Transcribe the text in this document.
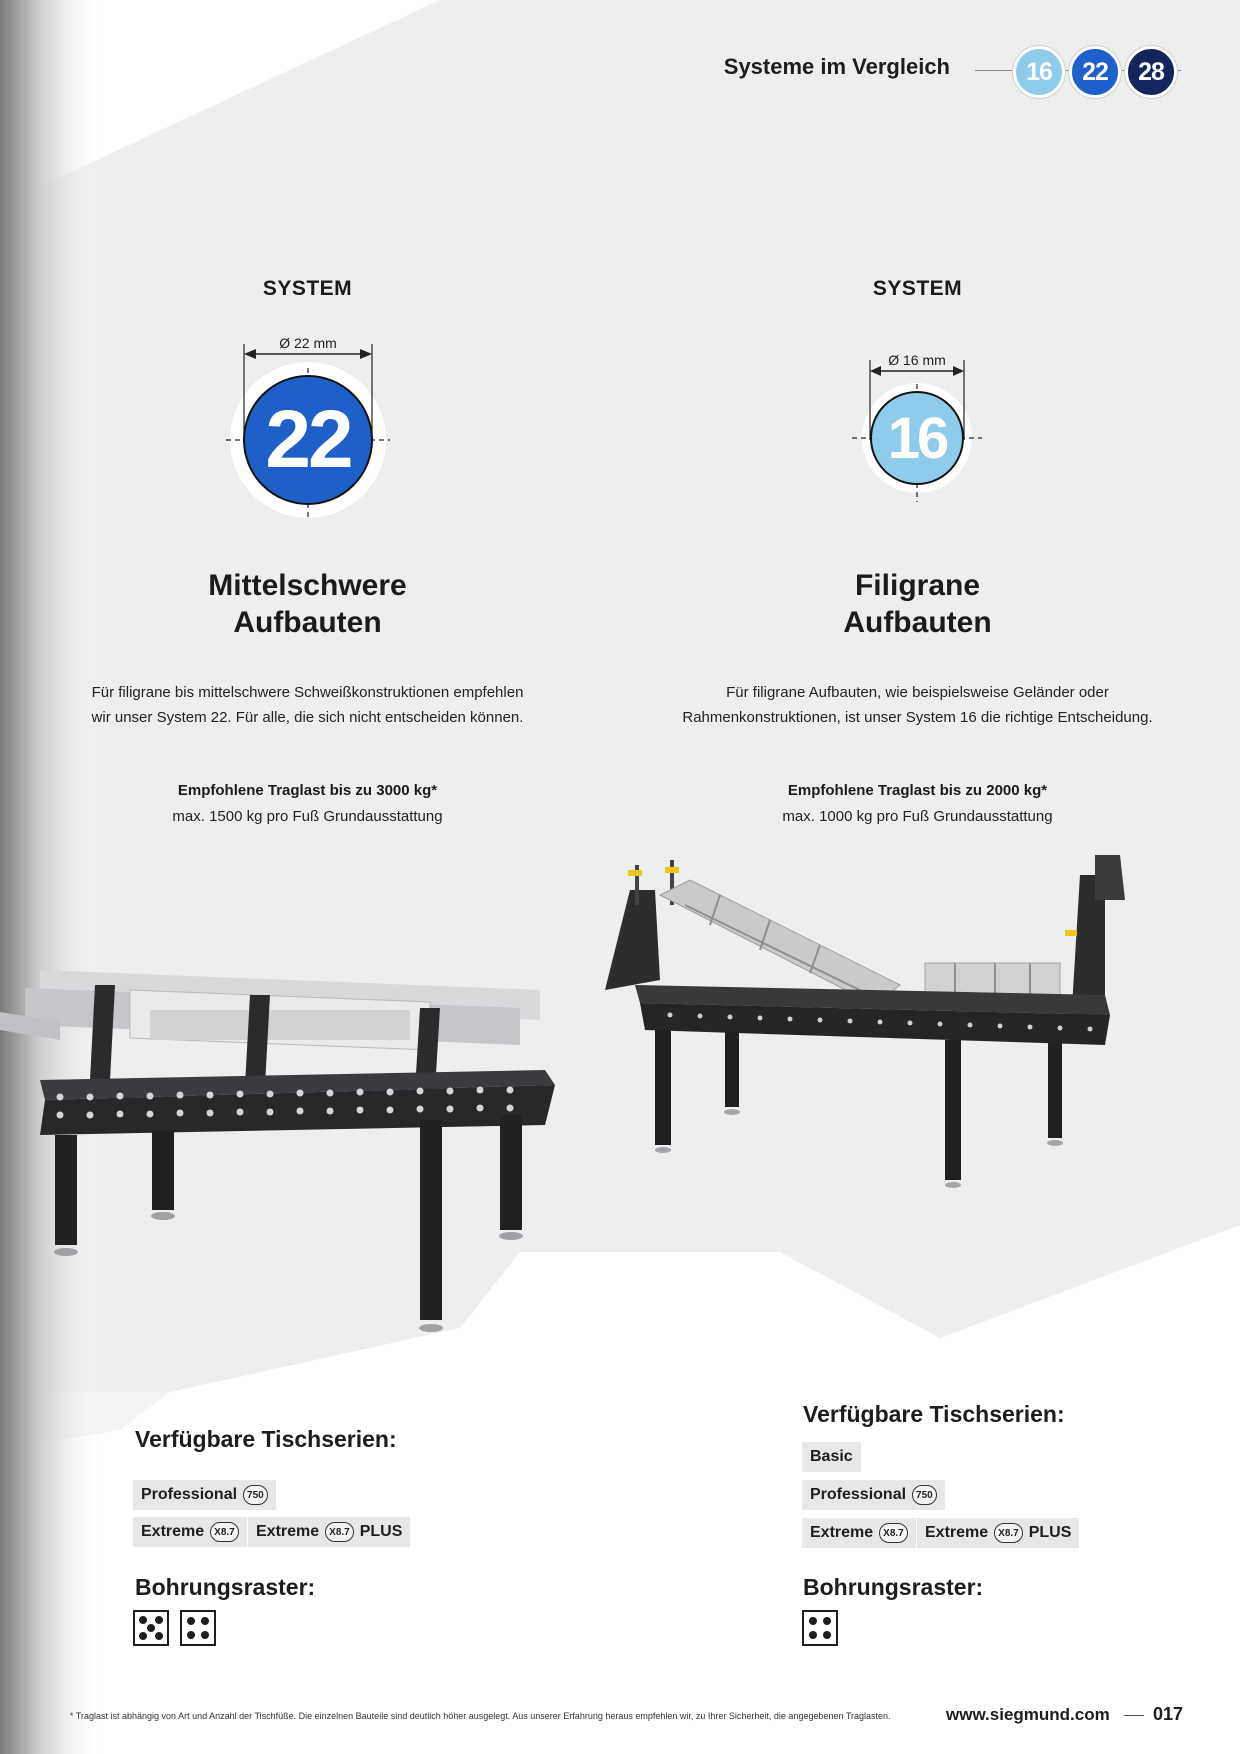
Systeme im Vergleich	16	22	28
SYSTEM
Ø 22 mm
22
Mittelschwere
Aufbauten
Für filigrane bis mittelschwere Schweißkonstruktionen empfehlen
wir unser System 22. Für alle, die sich nicht entscheiden können.
Empfohlene Traglast bis zu 3000 kg*
max. 1500 kg pro Fuß Grundausstattung
SYSTEM
Ø 16 mm
16
Filigrane
Aufbauten
Für filigrane Aufbauten, wie beispielsweise Geländer oder
Rahmenkonstruktionen, ist unser System 16 die richtige Entscheidung.
Empfohlene Traglast bis zu 2000 kg*
max. 1000 kg pro Fuß Grundausstattung
Verfügbare Tischserien:
Professional	750
Extreme	X8.7 Extreme	X8.7 PLUS
Bohrungsraster:
Verfügbare Tischserien:
Basic
Professional	750
Extreme	X8.7 Extreme	X8.7 PLUS
Bohrungsraster:
* Traglast ist abhängig von Art und Anzahl der Tischfüße. Die einzelnen Bauteile sind deutlich höher ausgelegt. Aus unserer Erfahrung heraus empfehlen wir, zu Ihrer Sicherheit, die angegebenen Traglasten.	www.siegmund.com 017
